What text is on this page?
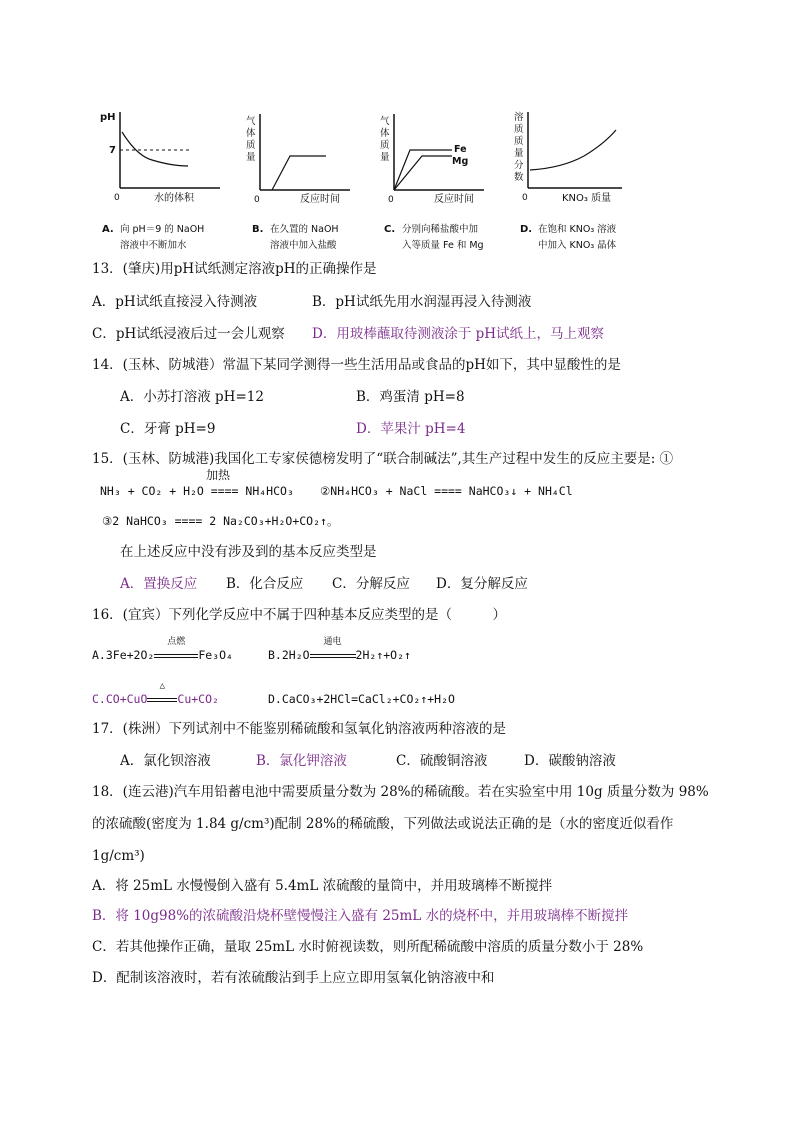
pH
7
0	水的体积
A. 向 pH＝9 的 NaOH
溶液中不断加水
气
体
质
量
0	反应时间
B. 在久置的 NaOH
溶液中加入盐酸
气
体
质
量
Fe
Mg
0	反应时间
C. 分别向稀盐酸中加
入等质量 Fe 和 Mg
溶
质
质
量
分
数
0	KNO₃ 质量
D. 在饱和 KNO₃ 溶液
中加入 KNO₃ 晶体
13．(肇庆)用pH试纸测定溶液pH的正确操作是
A．pH试纸直接浸入待测液	B．pH试纸先用水润湿再浸入待测液
C．pH试纸浸液后过一会儿观察 D．用玻棒蘸取待测液涂于 pH试纸上，马上观察
14．(玉林、防城港）常温下某同学测得一些生活用品或食品的pH如下，其中显酸性的是
A．小苏打溶液 pH=12	B．鸡蛋清 pH=8
C．牙膏 pH=9	D．苹果汁 pH=4
15．(玉林、防城港)我国化工专家侯德榜发明了“联合制碱法”,其生产过程中发生的反应主要是: ①
加热
NH₃ + CO₂ + H₂O ==== NH₄HCO₃ ②NH₄HCO₃ + NaCl ==== NaHCO₃↓ + NH₄Cl
③2 NaHCO₃ ==== 2 Na₂CO₃+H₂O+CO₂↑。
在上述反应中没有涉及到的基本反应类型是
A．置换反应 B．化合反应 C．分解反应 D．复分解反应
16．(宜宾）下列化学反应中不属于四种基本反应类型的是（　　　）
A.3Fe+2O₂
点燃
Fe₃O₄	B.2H₂O
通电
2H₂↑+O₂↑
C.CO+CuO
△
Cu+CO₂	D.CaCO₃+2HCl=CaCl₂+CO₂↑+H₂O
17．(株洲）下列试剂中不能鉴别稀硫酸和氢氧化钠溶液两种溶液的是
A．氯化钡溶液	B．氯化钾溶液	C．硫酸铜溶液	D．碳酸钠溶液
18．(连云港)汽车用铅蓄电池中需要质量分数为 28%的稀硫酸。若在实验室中用 10g 质量分数为 98%
的浓硫酸(密度为 1.84 g/cm³)配制 28%的稀硫酸，下列做法或说法正确的是（水的密度近似看作
1g/cm³)
A．将 25mL 水慢慢倒入盛有 5.4mL 浓硫酸的量筒中，并用玻璃棒不断搅拌
B．将 10g98%的浓硫酸沿烧杯壁慢慢注入盛有 25mL 水的烧杯中，并用玻璃棒不断搅拌
C．若其他操作正确，量取 25mL 水时俯视读数，则所配稀硫酸中溶质的质量分数小于 28%
D．配制该溶液时，若有浓硫酸沾到手上应立即用氢氧化钠溶液中和
